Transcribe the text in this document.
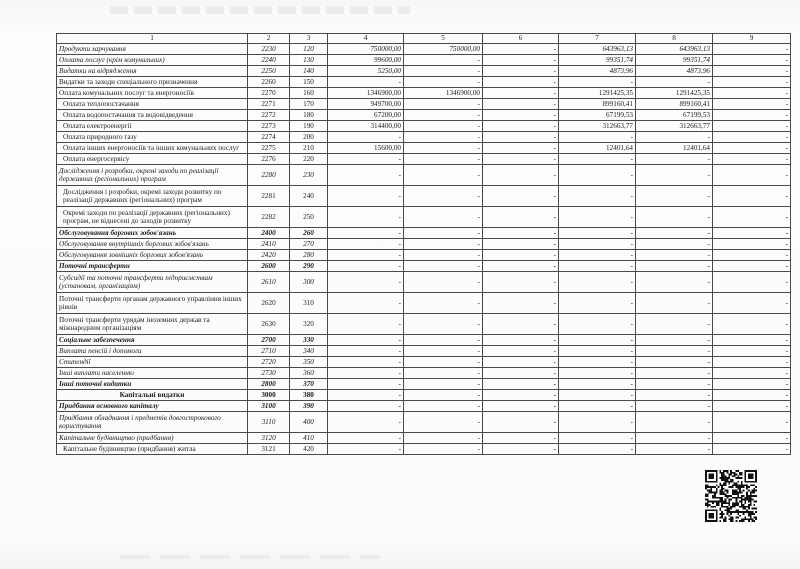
1	2	3	4	5	6	7	8	9
Продукти харчування	2230	120	750000,00	750000,00	-	643963,13	643963,13	-
Оплата послуг (крім комунальних)	2240	130	99600,00	-	-	99351,74	99351,74	-
Видатки на відрядження	2250	140	5250,00	-	-	4873,96	4873,96	-
Видатки та заходи спеціального призначення	2260	150	-	-	-	-	-	-
Оплата комунальних послуг та енергоносіїв	2270	160	1346900,00	1346900,00	-	1291425,35	1291425,35	-
Оплата теплопостачання	2271	170	949700,00	-	-	899160,41	899160,41	-
Оплата водопостачання та водовідведення	2272	180	67200,00	-	-	67199,53	67199,53	-
Оплата електроенергії	2273	190	314400,00	-	-	312663,77	312663,77	-
Оплата природного газу	2274	200	-	-	-	-	-	-
Оплата інших енергоносіїв та інших комунальних послуг	2275	210	15600,00	-	-	12401,64	12401,64	-
Оплата енергосервісу	2276	220	-	-	-	-	-	-
Дослідження і розробки, окремі заходи по реалізації державних (регіональних) програм	2280	230	-	-	-	-	-	-
Дослідження і розробки, окремі заходи розвитку по реалізації державних (регіональних) програм	2281	240	-	-	-	-	-	-
Окремі заходи по реалізації державних (регіональних) програм, не віднесені до заходів розвитку	2282	250	-	-	-	-	-	-
Обслуговування боргових зобов'язань	2400	260	-	-	-	-	-	-
Обслуговування внутрішніх боргових зобов'язань	2410	270	-	-	-	-	-	-
Обслуговування зовнішніх боргових зобов'язань	2420	280	-	-	-	-	-	-
Поточні трансферти	2600	290	-	-	-	-	-	-
Субсидії та поточні трансферти підприємствам (установам, організаціям)	2610	300	-	-	-	-	-	-
Поточні трансферти органам державного управління інших рівнів	2620	310	-	-	-	-	-	-
Поточні трансферти урядам іноземних держав та міжнародним організаціям	2630	320	-	-	-	-	-	-
Соціальне забезпечення	2700	330	-	-	-	-	-	-
Виплата пенсій і допомоги	2710	340	-	-	-	-	-	-
Стипендії	2720	350	-	-	-	-	-	-
Інші виплати населенню	2730	360	-	-	-	-	-	-
Інші поточні видатки	2800	370	-	-	-	-	-	-
Капітальні видатки	3000	380	-	-	-	-	-	-
Придбання основного капіталу	3100	390	-	-	-	-	-	-
Придбання обладнання і предметів довгострокового користування	3110	400	-	-	-	-	-	-
Капітальне будівництво (придбання)	3120	410	-	-	-	-	-	-
Капітальне будівництво (придбання) житла	3121	420	-	-	-	-	-	-
